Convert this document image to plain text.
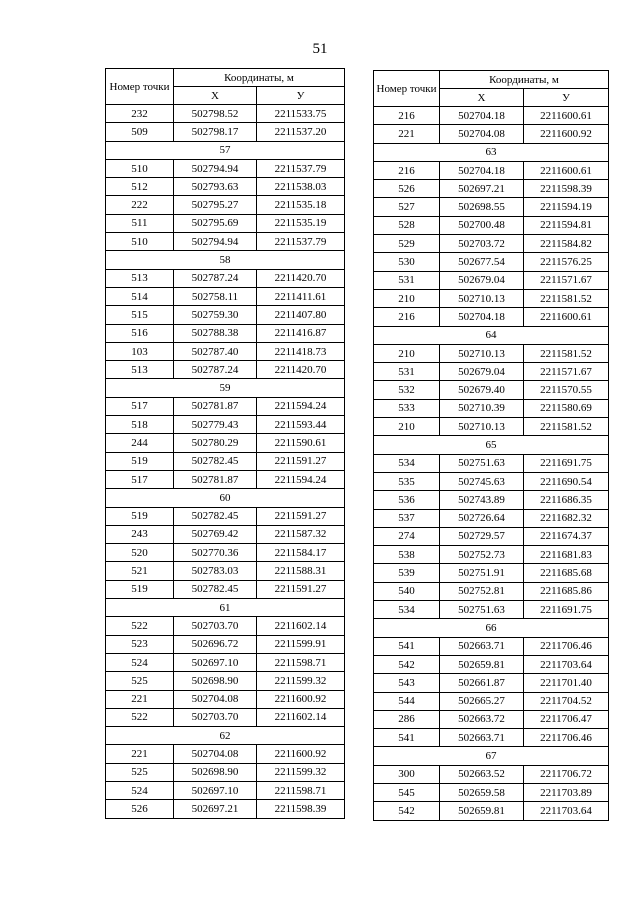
51
Номер точки	Координаты, м	
	X	У
232	502798.52	2211533.75
509	502798.17	2211537.20
57		
510	502794.94	2211537.79
512	502793.63	2211538.03
222	502795.27	2211535.18
511	502795.69	2211535.19
510	502794.94	2211537.79
58		
513	502787.24	2211420.70
514	502758.11	2211411.61
515	502759.30	2211407.80
516	502788.38	2211416.87
103	502787.40	2211418.73
513	502787.24	2211420.70
59		
517	502781.87	2211594.24
518	502779.43	2211593.44
244	502780.29	2211590.61
519	502782.45	2211591.27
517	502781.87	2211594.24
60		
519	502782.45	2211591.27
243	502769.42	2211587.32
520	502770.36	2211584.17
521	502783.03	2211588.31
519	502782.45	2211591.27
61		
522	502703.70	2211602.14
523	502696.72	2211599.91
524	502697.10	2211598.71
525	502698.90	2211599.32
221	502704.08	2211600.92
522	502703.70	2211602.14
62		
221	502704.08	2211600.92
525	502698.90	2211599.32
524	502697.10	2211598.71
526	502697.21	2211598.39
Номер точки	Координаты, м	
	X	У
216	502704.18	2211600.61
221	502704.08	2211600.92
63		
216	502704.18	2211600.61
526	502697.21	2211598.39
527	502698.55	2211594.19
528	502700.48	2211594.81
529	502703.72	2211584.82
530	502677.54	2211576.25
531	502679.04	2211571.67
210	502710.13	2211581.52
216	502704.18	2211600.61
64		
210	502710.13	2211581.52
531	502679.04	2211571.67
532	502679.40	2211570.55
533	502710.39	2211580.69
210	502710.13	2211581.52
65		
534	502751.63	2211691.75
535	502745.63	2211690.54
536	502743.89	2211686.35
537	502726.64	2211682.32
274	502729.57	2211674.37
538	502752.73	2211681.83
539	502751.91	2211685.68
540	502752.81	2211685.86
534	502751.63	2211691.75
66		
541	502663.71	2211706.46
542	502659.81	2211703.64
543	502661.87	2211701.40
544	502665.27	2211704.52
286	502663.72	2211706.47
541	502663.71	2211706.46
67		
300	502663.52	2211706.72
545	502659.58	2211703.89
542	502659.81	2211703.64
